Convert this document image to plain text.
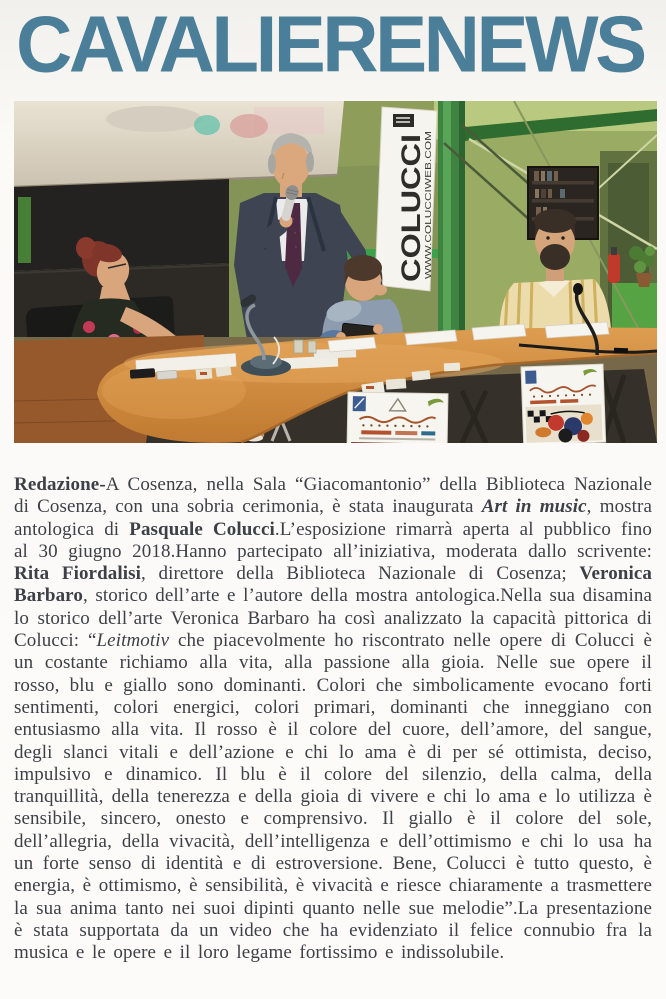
CAVALIERENEWS
COLUCCI
WWW.COLUCCIWEB.COM

Redazione-A Cosenza, nella Sala “Giacomantonio” della Biblioteca Nazionale di Cosenza, con una sobria cerimonia, è stata inaugurata Art in music, mostra antologica di Pasquale Colucci.L’esposizione rimarrà aperta al pubblico fino al 30 giugno 2018.Hanno partecipato all’iniziativa, moderata dallo scrivente: Rita Fiordalisi, direttore della Biblioteca Nazionale di Cosenza; Veronica Barbaro, storico dell’arte e l’autore della mostra antologica.Nella sua disamina lo storico dell’arte Veronica Barbaro ha così analizzato la capacità pittorica di Colucci: “Leitmotiv che piacevolmente ho riscontrato nelle opere di Colucci è un costante richiamo alla vita, alla passione alla gioia. Nelle sue opere il rosso, blu e giallo sono dominanti. Colori che simbolicamente evocano forti sentimenti, colori energici, colori primari, dominanti che inneggiano con entusiasmo alla vita. Il rosso è il colore del cuore, dell’amore, del sangue, degli slanci vitali e dell’azione e chi lo ama è di per sé ottimista, deciso, impulsivo e dinamico. Il blu è il colore del silenzio, della calma, della tranquillità, della tenerezza e della gioia di vivere e chi lo ama e lo utilizza è sensibile, sincero, onesto e comprensivo. Il giallo è il colore del sole, dell’allegria, della vivacità, dell’intelligenza e dell’ottimismo e chi lo usa ha un forte senso di identità e di estroversione. Bene, Colucci è tutto questo, è energia, è ottimismo, è sensibilità, è vivacità e riesce chiaramente a trasmettere la sua anima tanto nei suoi dipinti quanto nelle sue melodie”.La presentazione è stata supportata da un video che ha evidenziato il felice connubio fra la musica e le opere e il loro legame fortissimo e indissolubile.
